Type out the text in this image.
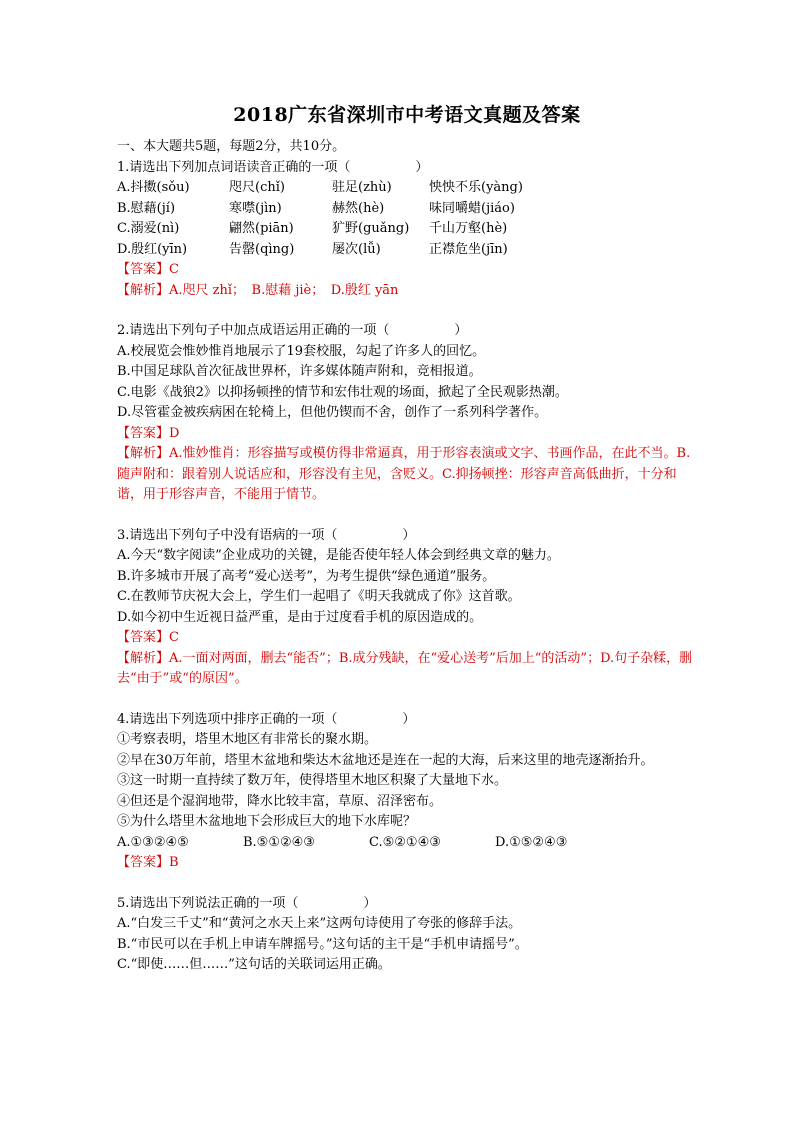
2018广东省深圳市中考语文真题及答案

一、本大题共5题，每题2分，共10分。

1.请选出下列加点词语读音正确的一项（　　　　　）

A.抖擞(sǒu)	咫尺(chǐ)	驻足(zhù)	怏怏不乐(yàng)
B.慰藉(jí)	寒噤(jìn)	赫然(hè)	味同嚼蜡(jiáo)
C.溺爱(nì)	翩然(piān)	犷野(guǎng)	千山万壑(hè)
D.殷红(yīn)	告罄(qìng)	屡次(lǚ)	正襟危坐(jīn)

【答案】C

【解析】A.咫尺 zhǐ；　B.慰藉 jiè；　D.殷红 yān

2.请选出下列句子中加点成语运用正确的一项（　　　　　）

A.校展览会惟妙惟肖地展示了19套校服，勾起了许多人的回忆。

B.中国足球队首次征战世界杯，许多媒体随声附和，竞相报道。

C.电影《战狼2》以抑扬顿挫的情节和宏伟壮观的场面，掀起了全民观影热潮。

D.尽管霍金被疾病困在轮椅上，但他仍锲而不舍，创作了一系列科学著作。

【答案】D

【解析】A.惟妙惟肖：形容描写或模仿得非常逼真，用于形容表演或文字、书画作品，在此不当。B.随声附和：跟着别人说话应和，形容没有主见，含贬义。C.抑扬顿挫：形容声音高低曲折，十分和谐，用于形容声音，不能用于情节。

3.请选出下列句子中没有语病的一项（　　　　　）

A.今天“数字阅读”企业成功的关键，是能否使年轻人体会到经典文章的魅力。

B.许多城市开展了高考“爱心送考”，为考生提供“绿色通道”服务。

C.在教师节庆祝大会上，学生们一起唱了《明天我就成了你》这首歌。

D.如今初中生近视日益严重，是由于过度看手机的原因造成的。

【答案】C

【解析】A.一面对两面，删去“能否”；B.成分残缺，在“爱心送考”后加上“的活动”；D.句子杂糅，删去“由于”或“的原因”。

4.请选出下列选项中排序正确的一项（　　　　　）

①考察表明，塔里木地区有非常长的聚水期。

②早在30万年前，塔里木盆地和柴达木盆地还是连在一起的大海，后来这里的地壳逐渐抬升。

③这一时期一直持续了数万年，使得塔里木地区积聚了大量地下水。

④但还是个湿润地带，降水比较丰富，草原、沼泽密布。

⑤为什么塔里木盆地地下会形成巨大的地下水库呢？

A.①③②④⑤	B.⑤①②④③	C.⑤②①④③	D.①⑤②④③

【答案】B

5.请选出下列说法正确的一项（　　　　　）

A.“白发三千丈”和“黄河之水天上来”这两句诗使用了夸张的修辞手法。

B.“市民可以在手机上申请车牌摇号。”这句话的主干是“手机申请摇号”。

C.“即使……但……”这句话的关联词运用正确。
